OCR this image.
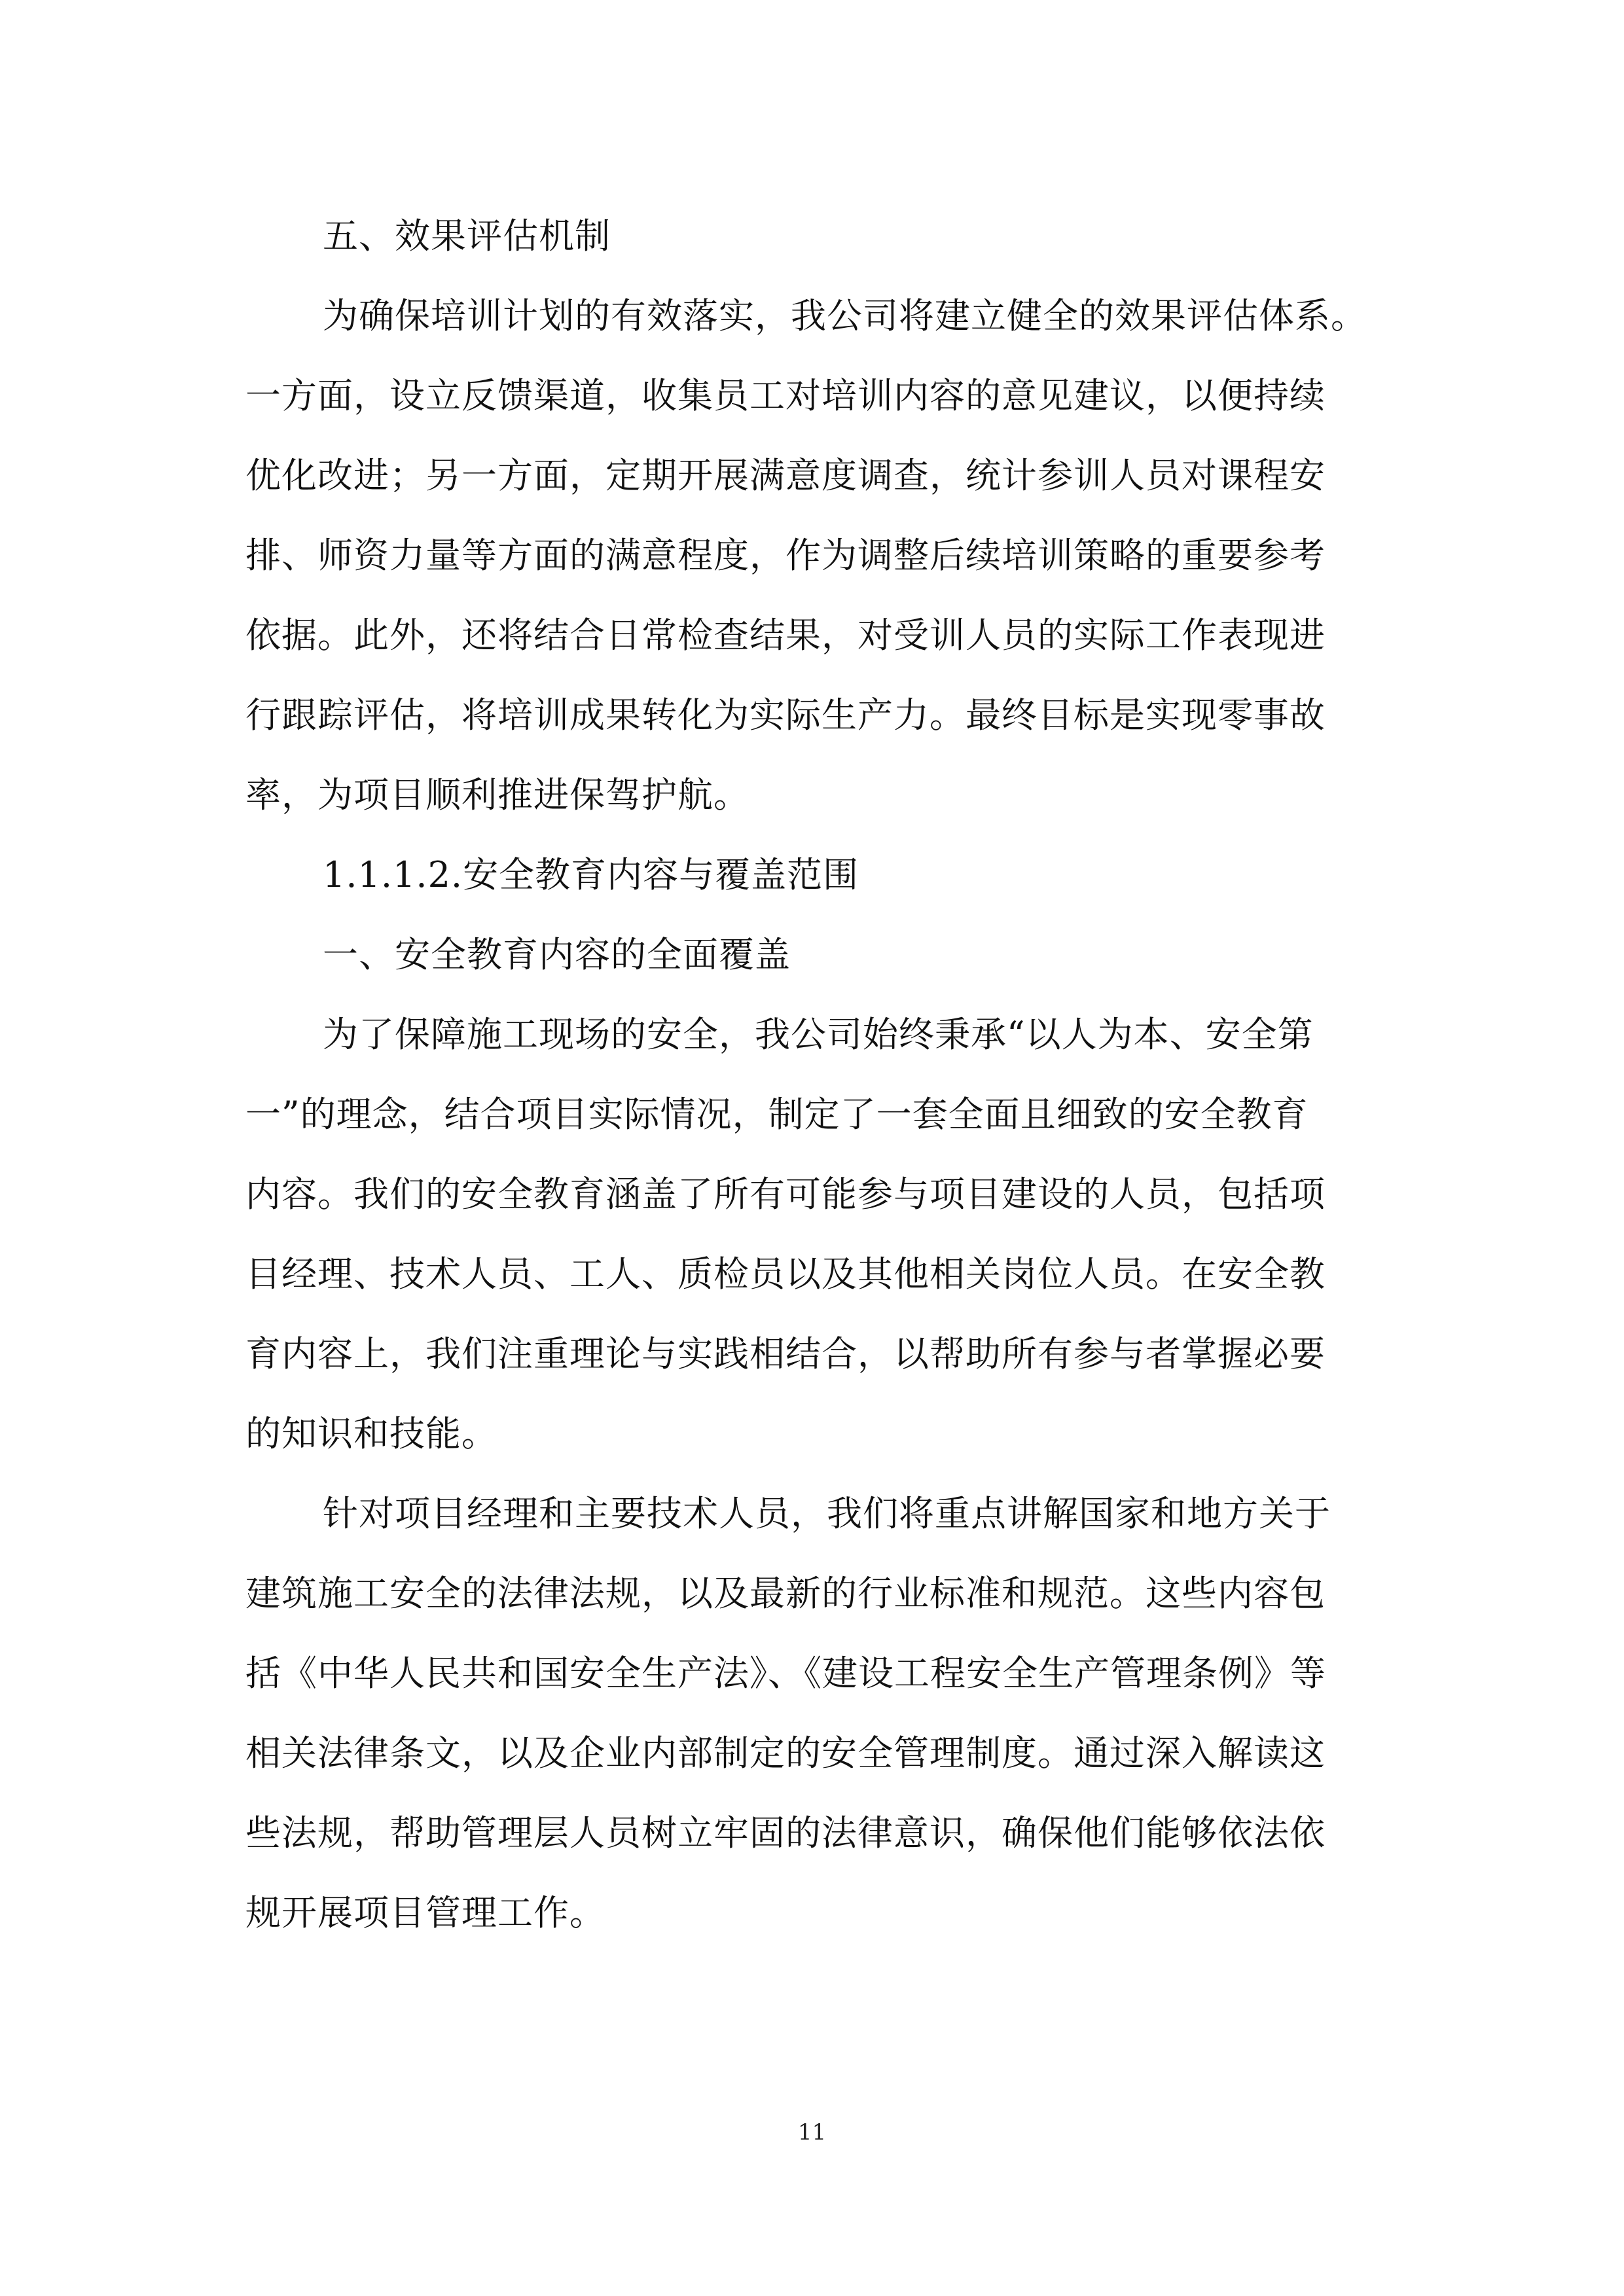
五、效果评估机制
为确保培训计划的有效落实，我公司将建立健全的效果评估体系。
一方面，设立反馈渠道，收集员工对培训内容的意见建议，以便持续
优化改进；另一方面，定期开展满意度调查，统计参训人员对课程安
排、师资力量等方面的满意程度，作为调整后续培训策略的重要参考
依据。此外，还将结合日常检查结果，对受训人员的实际工作表现进
行跟踪评估，将培训成果转化为实际生产力。最终目标是实现零事故
率，为项目顺利推进保驾护航。
1.1.1.2.安全教育内容与覆盖范围
一、安全教育内容的全面覆盖
为了保障施工现场的安全，我公司始终秉承“以人为本、安全第
一”的理念，结合项目实际情况，制定了一套全面且细致的安全教育
内容。我们的安全教育涵盖了所有可能参与项目建设的人员，包括项
目经理、技术人员、工人、质检员以及其他相关岗位人员。在安全教
育内容上，我们注重理论与实践相结合，以帮助所有参与者掌握必要
的知识和技能。
针对项目经理和主要技术人员，我们将重点讲解国家和地方关于
建筑施工安全的法律法规，以及最新的行业标准和规范。这些内容包
括《中华人民共和国安全生产法》、《建设工程安全生产管理条例》等
相关法律条文，以及企业内部制定的安全管理制度。通过深入解读这
些法规，帮助管理层人员树立牢固的法律意识，确保他们能够依法依
规开展项目管理工作。
11
